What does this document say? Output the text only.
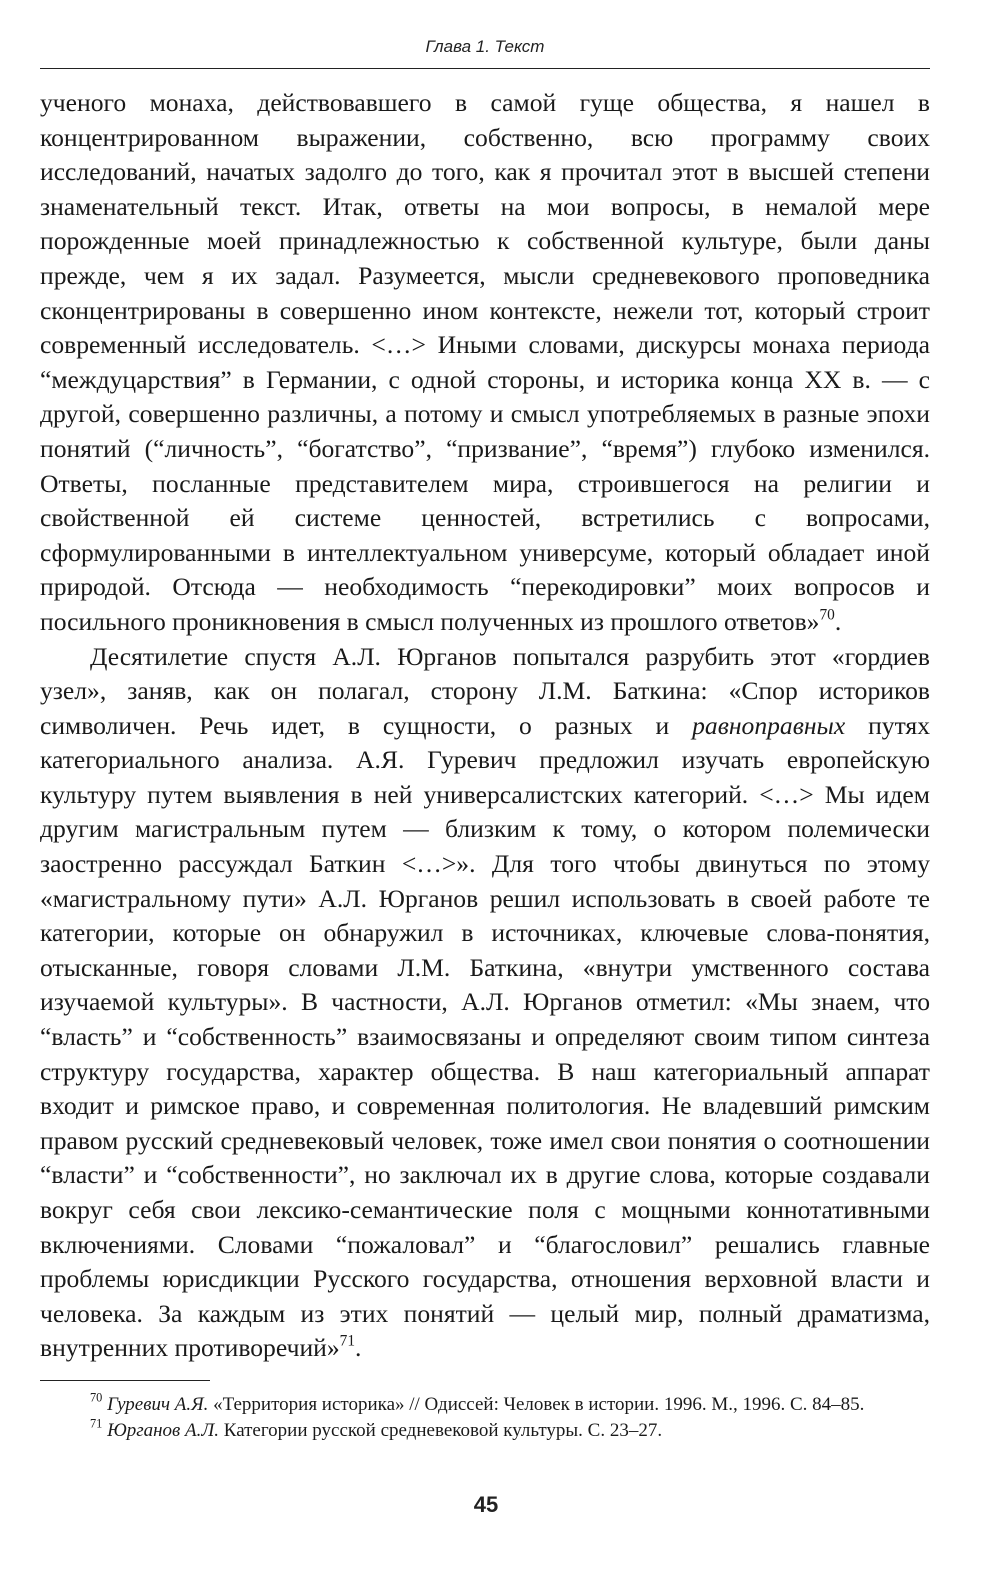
Глава 1. Текст

ученого монаха, действовавшего в самой гуще общества, я нашел в концентрированном выражении, собственно, всю программу своих исследований, начатых задолго до того, как я прочитал этот в высшей степени знаменательный текст. Итак, ответы на мои вопросы, в немалой мере порожденные моей принадлежностью к собственной культуре, были даны прежде, чем я их задал. Разумеется, мысли средневекового проповедника сконцентрированы в совершенно ином контексте, нежели тот, который строит современный исследователь. <…> Иными словами, дискурсы монаха периода “междуцарствия” в Германии, с одной стороны, и историка конца XX в. — с другой, совершенно различны, а потому и смысл употребляемых в разные эпохи понятий (“личность”, “богатство”, “призвание”, “время”) глубоко изменился. Ответы, посланные представителем мира, строившегося на религии и свойственной ей системе ценностей, встретились с вопросами, сформулированными в интеллектуальном универсуме, который обладает иной природой. Отсюда — необходимость “перекодировки” моих вопросов и посильного проникновения в смысл полученных из прошлого ответов»$^{70}$.

Десятилетие спустя А.Л. Юрганов попытался разрубить этот «гордиев узел», заняв, как он полагал, сторону Л.М. Баткина: «Спор историков символичен. Речь идет, в сущности, о разных и равноправных путях категориального анализа. А.Я. Гуревич предложил изучать европейскую культуру путем выявления в ней универсалистских категорий. <…> Мы идем другим магистральным путем — близким к тому, о котором полемически заостренно рассуждал Баткин <…>». Для того чтобы двинуться по этому «магистральному пути» А.Л. Юрганов решил использовать в своей работе те категории, которые он обнаружил в источниках, ключевые слова-понятия, отысканные, говоря словами Л.М. Баткина, «внутри умственного состава изучаемой культуры». В частности, А.Л. Юрганов отметил: «Мы знаем, что “власть” и “собственность” взаимосвязаны и определяют своим типом синтеза структуру государства, характер общества. В наш категориальный аппарат входит и римское право, и современная политология. Не владевший римским правом русский средневековый человек, тоже имел свои понятия о соотношении “власти” и “собственности”, но заключал их в другие слова, которые создавали вокруг себя свои лексико-семантические поля с мощными коннотативными включениями. Словами “пожаловал” и “благословил” решались главные проблемы юрисдикции Русского государства, отношения верховной власти и человека. За каждым из этих понятий — целый мир, полный драматизма, внутренних противоречий»$^{71}$.

$^{70}$ Гуревич А.Я. «Территория историка» // Одиссей: Человек в истории. 1996. М., 1996. С. 84–85.

$^{71}$ Юрганов А.Л. Категории русской средневековой культуры. С. 23–27.

45
